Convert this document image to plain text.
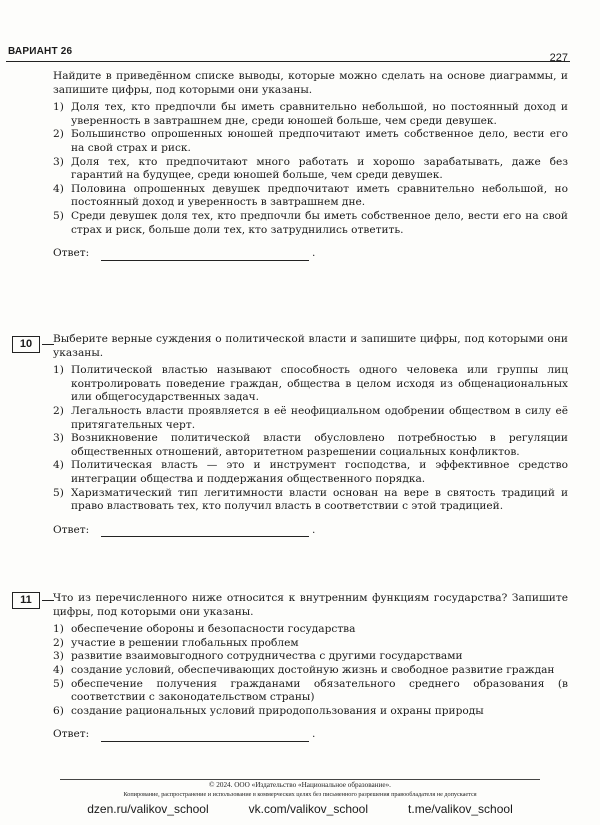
ВАРИАНТ 26
227

Найдите в приведённом списке выводы, которые можно сделать на основе диаграммы, и запишите цифры, под которыми они указаны.

1) Доля тех, кто предпочли бы иметь сравнительно небольшой, но постоянный доход и уверенность в завтрашнем дне, среди юношей больше, чем среди девушек.
2) Большинство опрошенных юношей предпочитают иметь собственное дело, вести его на свой страх и риск.
3) Доля тех, кто предпочитают много работать и хорошо зарабатывать, даже без гарантий на будущее, среди юношей больше, чем среди девушек.
4) Половина опрошенных девушек предпочитают иметь сравнительно небольшой, но постоянный доход и уверенность в завтрашнем дне.
5) Среди девушек доля тех, кто предпочли бы иметь собственное дело, вести его на свой страх и риск, больше доли тех, кто затруднились ответить.
Ответ:	.
10	Выберите верные суждения о политической власти и запишите цифры, под которыми они указаны.

1) Политической властью называют способность одного человека или группы лиц контролировать поведение граждан, общества в целом исходя из общенациональных или общегосударственных задач.
2) Легальность власти проявляется в её неофициальном одобрении обществом в силу её притягательных черт.
3) Возникновение политической власти обусловлено потребностью в регуляции общественных отношений, авторитетном разрешении социальных конфликтов.
4) Политическая власть — это и инструмент господства, и эффективное средство интеграции общества и поддержания общественного порядка.
5) Харизматический тип легитимности власти основан на вере в святость традиций и право властвовать тех, кто получил власть в соответствии с этой традицией.
Ответ:	.
11	Что из перечисленного ниже относится к внутренним функциям государства? Запишите цифры, под которыми они указаны.

1) обеспечение обороны и безопасности государства
2) участие в решении глобальных проблем
3) развитие взаимовыгодного сотрудничества с другими государствами
4) создание условий, обеспечивающих достойную жизнь и свободное развитие граждан
5) обеспечение получения гражданами обязательного среднего образования (в соответствии с законодательством страны)
6) создание рациональных условий природопользования и охраны природы
Ответ:	.
© 2024. ООО «Издательство «Национальное образование».
Копирование, распространение и использование в коммерческих целях без письменного разрешения правообладателя не допускается
dzen.ru/valikov_school	vk.com/valikov_school	t.me/valikov_school
